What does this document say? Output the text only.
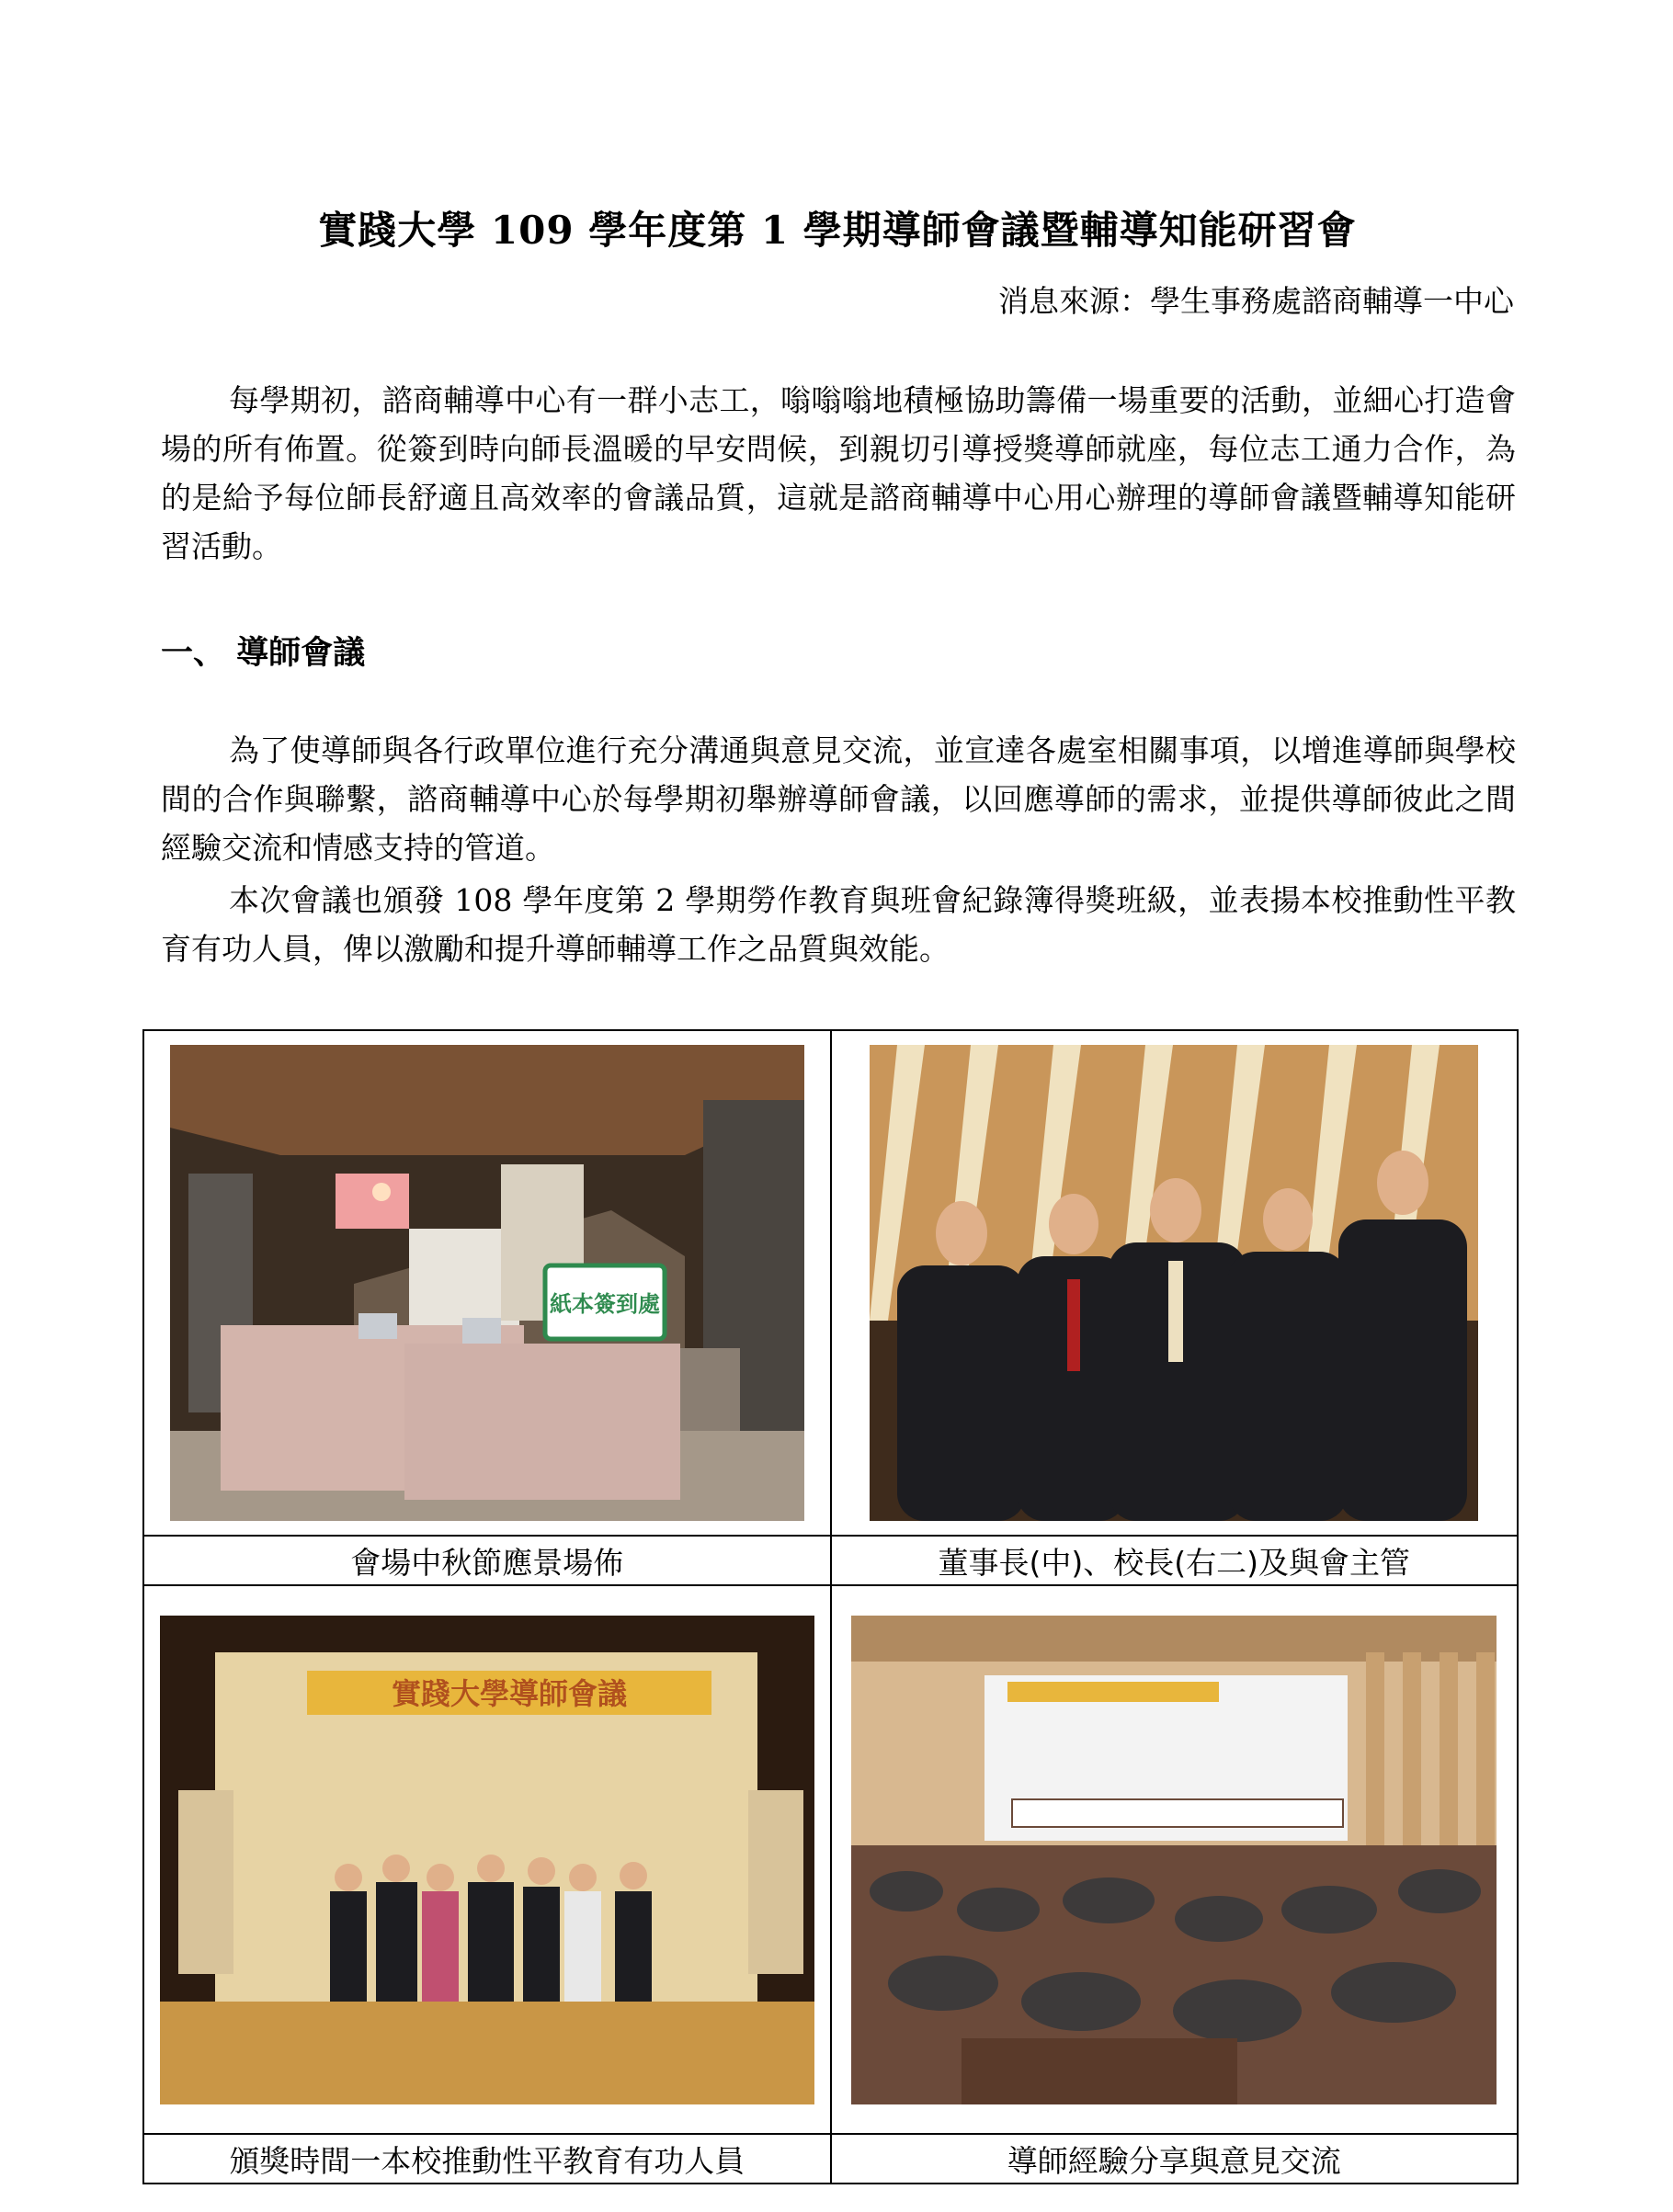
實踐大學 109 學年度第 1 學期導師會議暨輔導知能研習會

消息來源：學生事務處諮商輔導一中心

每學期初，諮商輔導中心有一群小志工，嗡嗡嗡地積極協助籌備一場重要的活動，並細心打造會場的所有佈置。從簽到時向師長溫暖的早安問候，到親切引導授獎導師就座，每位志工通力合作，為的是給予每位師長舒適且高效率的會議品質，這就是諮商輔導中心用心辦理的導師會議暨輔導知能研習活動。

一、 導師會議

為了使導師與各行政單位進行充分溝通與意見交流，並宣達各處室相關事項，以增進導師與學校間的合作與聯繫，諮商輔導中心於每學期初舉辦導師會議，以回應導師的需求，並提供導師彼此之間經驗交流和情感支持的管道。

本次會議也頒發 108 學年度第 2 學期勞作教育與班會紀錄簿得獎班級，並表揚本校推動性平教育有功人員，俾以激勵和提升導師輔導工作之品質與效能。

紙本簽到處

會場中秋節應景場佈	董事長(中)、校長(右二)及與會主管

實踐大學導師會議

頒獎時間一本校推動性平教育有功人員	導師經驗分享與意見交流
